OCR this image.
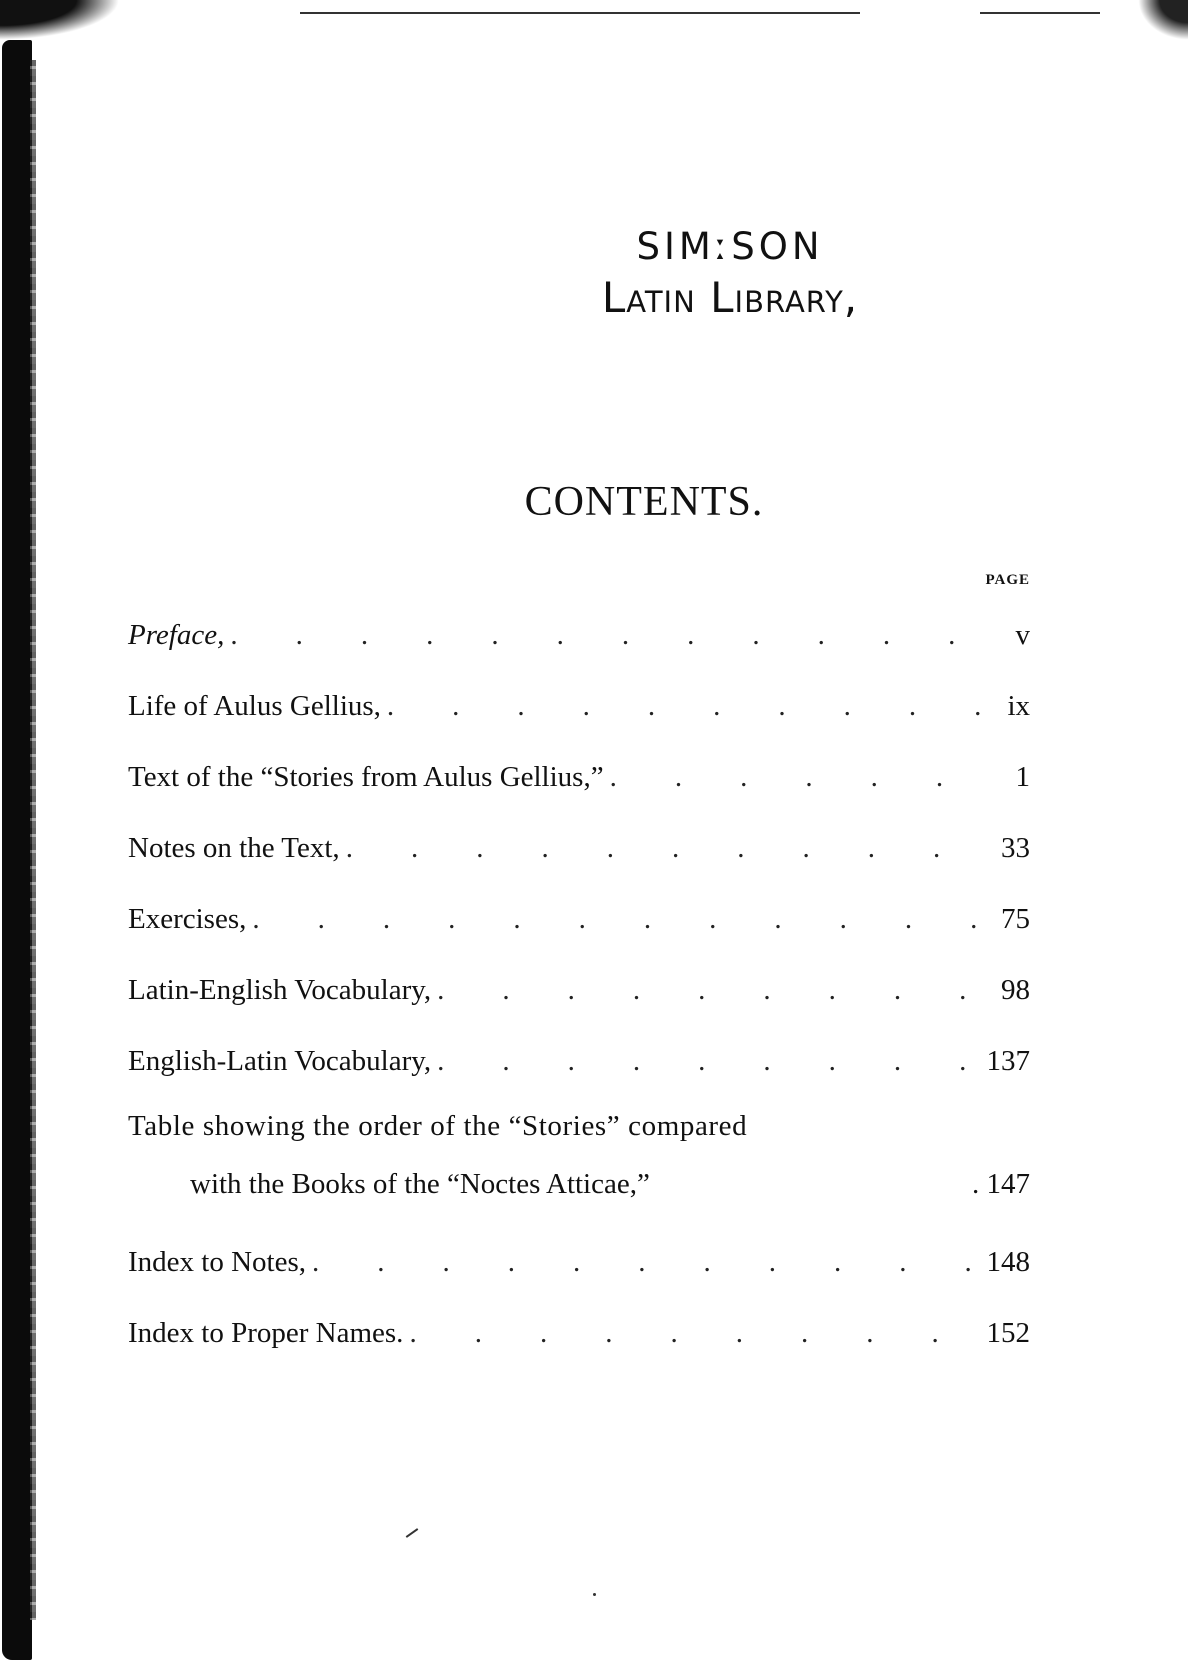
SIMːSON
Latin Library,
CONTENTS.
PAGE
Preface, .	v
Life of Aulus Gellius, .	ix
Text of the “Stories from Aulus Gellius,” .	1
Notes on the Text, .	33
Exercises, .	75
Latin-English Vocabulary, .	98
English-Latin Vocabulary, .	137
Table showing the order of the “Stories” compared
with the Books of the “Noctes Atticae,”	. 147
Index to Notes, .	148
Index to Proper Names. .	152
